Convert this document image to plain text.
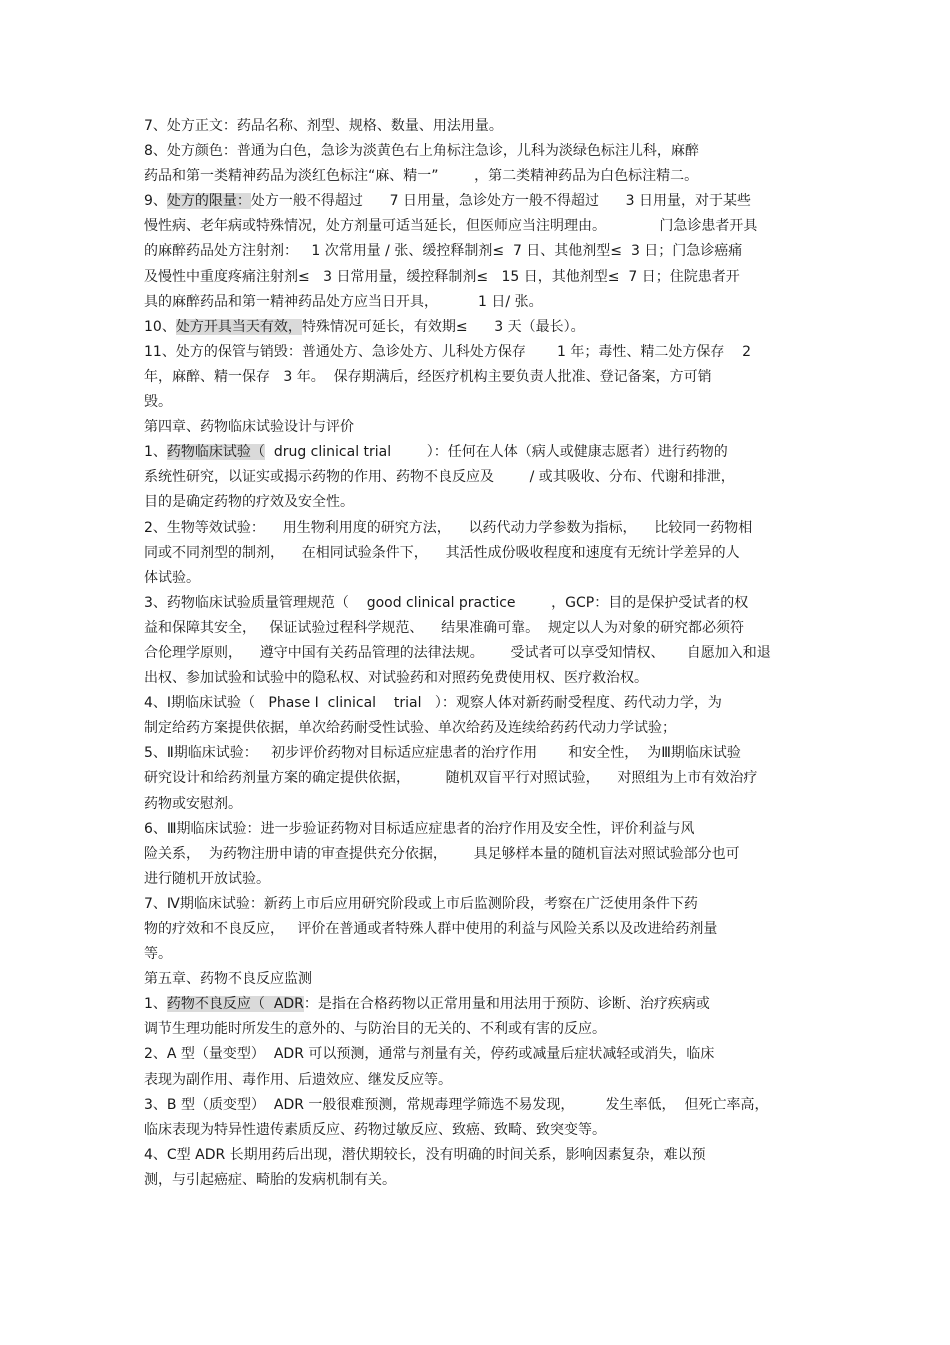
7、处方正文：药品名称、剂型、规格、数量、用法用量。
8、处方颜色：普通为白色，急诊为淡黄色右上角标注急诊，儿科为淡绿色标注儿科，麻醉
药品和第一类精神药品为淡红色标注“麻、精一”        ，第二类精神药品为白色标注精二。
9、处方的限量：处方一般不得超过      7 日用量，急诊处方一般不得超过      3 日用量，对于某些
慢性病、老年病或特殊情况，处方剂量可适当延长，但医师应当注明理由。            门急诊患者开具
的麻醉药品处方注射剂：   1 次常用量 / 张、缓控释制剂≤  7 日、其他剂型≤  3 日；门急诊癌痛
及慢性中重度疼痛注射剂≤   3 日常用量，缓控释制剂≤   15 日，其他剂型≤  7 日；住院患者开
具的麻醉药品和第一精神药品处方应当日开具，         1 日/ 张。
10、处方开具当天有效，特殊情况可延长，有效期≤      3 天（最长）。
11、处方的保管与销毁：普通处方、急诊处方、儿科处方保存       1 年；毒性、精二处方保存    2
年，麻醉、精一保存   3 年。  保存期满后，经医疗机构主要负责人批准、登记备案，方可销
毁。
第四章、药物临床试验设计与评价
1、药物临床试验（  drug clinical trial        ）：任何在人体（病人或健康志愿者）进行药物的
系统性研究，以证实或揭示药物的作用、药物不良反应及        / 或其吸收、分布、代谢和排泄，
目的是确定药物的疗效及安全性。
2、生物等效试验：    用生物利用度的研究方法，    以药代动力学参数为指标，    比较同一药物相
同或不同剂型的制剂，    在相同试验条件下，    其活性成份吸收程度和速度有无统计学差异的人
体试验。
3、药物临床试验质量管理规范（    good clinical practice        ，GCP：目的是保护受试者的权
益和保障其安全，   保证试验过程科学规范、    结果准确可靠。  规定以人为对象的研究都必须符
合伦理学原则，    遵守中国有关药品管理的法律法规。      受试者可以享受知情权、     自愿加入和退
出权、参加试验和试验中的隐私权、对试验药和对照药免费使用权、医疗救治权。
4、Ⅰ期临床试验（   Phase I  clinical    trial   ）：观察人体对新药耐受程度、药代动力学，为
制定给药方案提供依据，单次给药耐受性试验、单次给药及连续给药药代动力学试验；
5、Ⅱ期临床试验：   初步评价药物对目标适应症患者的治疗作用       和安全性，  为Ⅲ期临床试验
研究设计和给药剂量方案的确定提供依据，        随机双盲平行对照试验，    对照组为上市有效治疗
药物或安慰剂。
6、Ⅲ期临床试验：进一步验证药物对目标适应症患者的治疗作用及安全性，评价利益与风
险关系，  为药物注册申请的审查提供充分依据，      具足够样本量的随机盲法对照试验部分也可
进行随机开放试验。
7、Ⅳ期临床试验：新药上市后应用研究阶段或上市后监测阶段，考察在广泛使用条件下药
物的疗效和不良反应，   评价在普通或者特殊人群中使用的利益与风险关系以及改进给药剂量
等。
第五章、药物不良反应监测
1、药物不良反应（  ADR：是指在合格药物以正常用量和用法用于预防、诊断、治疗疾病或
调节生理功能时所发生的意外的、与防治目的无关的、不利或有害的反应。
2、A 型（量变型）  ADR 可以预测，通常与剂量有关，停药或减量后症状减轻或消失，临床
表现为副作用、毒作用、后遗效应、继发反应等。
3、B 型（质变型）  ADR 一般很难预测，常规毒理学筛选不易发现，       发生率低，  但死亡率高，
临床表现为特异性遗传素质反应、药物过敏反应、致癌、致畸、致突变等。
4、C型 ADR 长期用药后出现，潜伏期较长，没有明确的时间关系，影响因素复杂，难以预
测，与引起癌症、畸胎的发病机制有关。
